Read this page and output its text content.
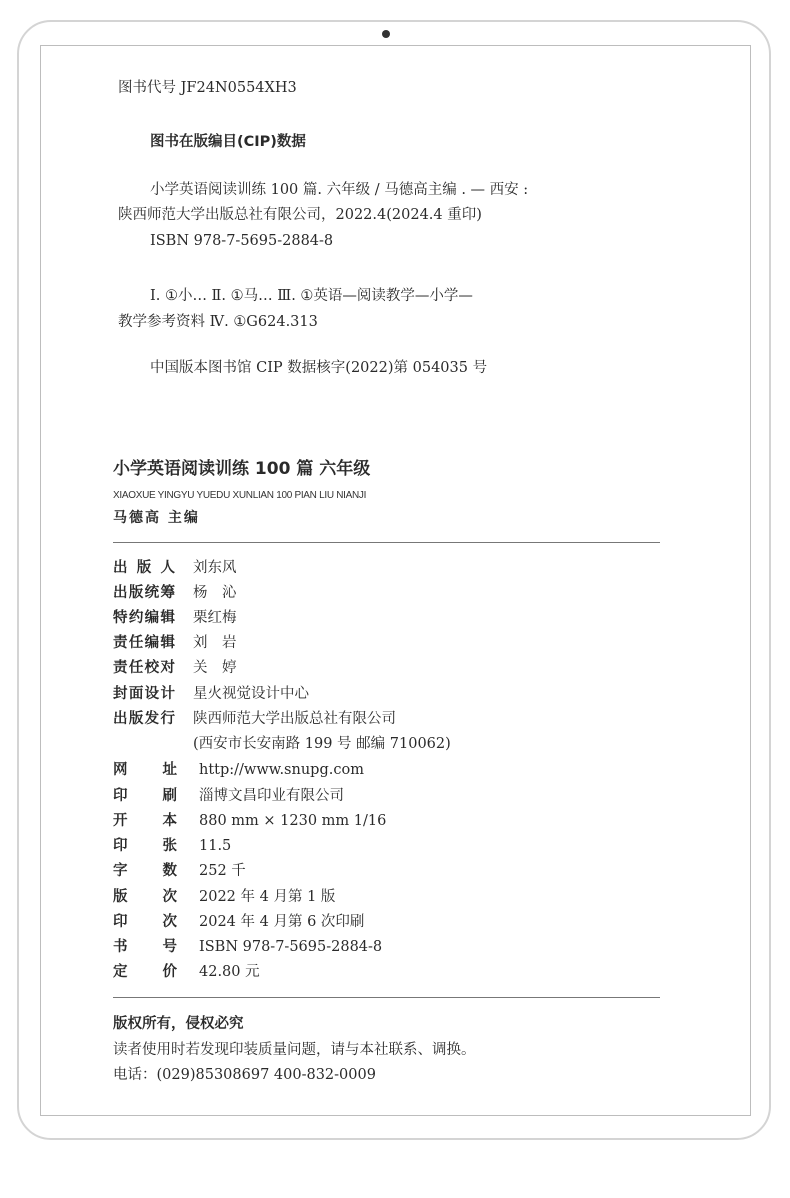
图书代号 JF24N0554XH3
图书在版编目(CIP)数据
小学英语阅读训练 100 篇. 六年级 / 马德高主编 . — 西安 :
陕西师范大学出版总社有限公司，2022.4(2024.4 重印)
ISBN 978-7-5695-2884-8
Ⅰ. ①小… Ⅱ. ①马… Ⅲ. ①英语—阅读教学—小学—
教学参考资料 Ⅳ. ①G624.313
中国版本图书馆 CIP 数据核字(2022)第 054035 号
小学英语阅读训练 100 篇 六年级
XIAOXUE YINGYU YUEDU XUNLIAN 100 PIAN LIU NIANJI
马德高 主编
出 版 人 刘东风
出 版 统 筹 杨　沁
特 约 编 辑 栗红梅
责 任 编 辑 刘　岩
责 任 校 对 关　婷
封 面 设 计 星火视觉设计中心
出 版 发 行 陕西师范大学出版总社有限公司
(西安市长安南路 199 号 邮编 710062)
网 址 http://www.snupg.com
印 刷 淄博文昌印业有限公司
开 本 880 mm × 1230 mm 1/16
印 张 11.5
字 数 252 千
版 次 2022 年 4 月第 1 版
印 次 2024 年 4 月第 6 次印刷
书 号 ISBN 978-7-5695-2884-8
定 价 42.80 元
版权所有，侵权必究
读者使用时若发现印装质量问题，请与本社联系、调换。
电话：(029)85308697 400-832-0009
